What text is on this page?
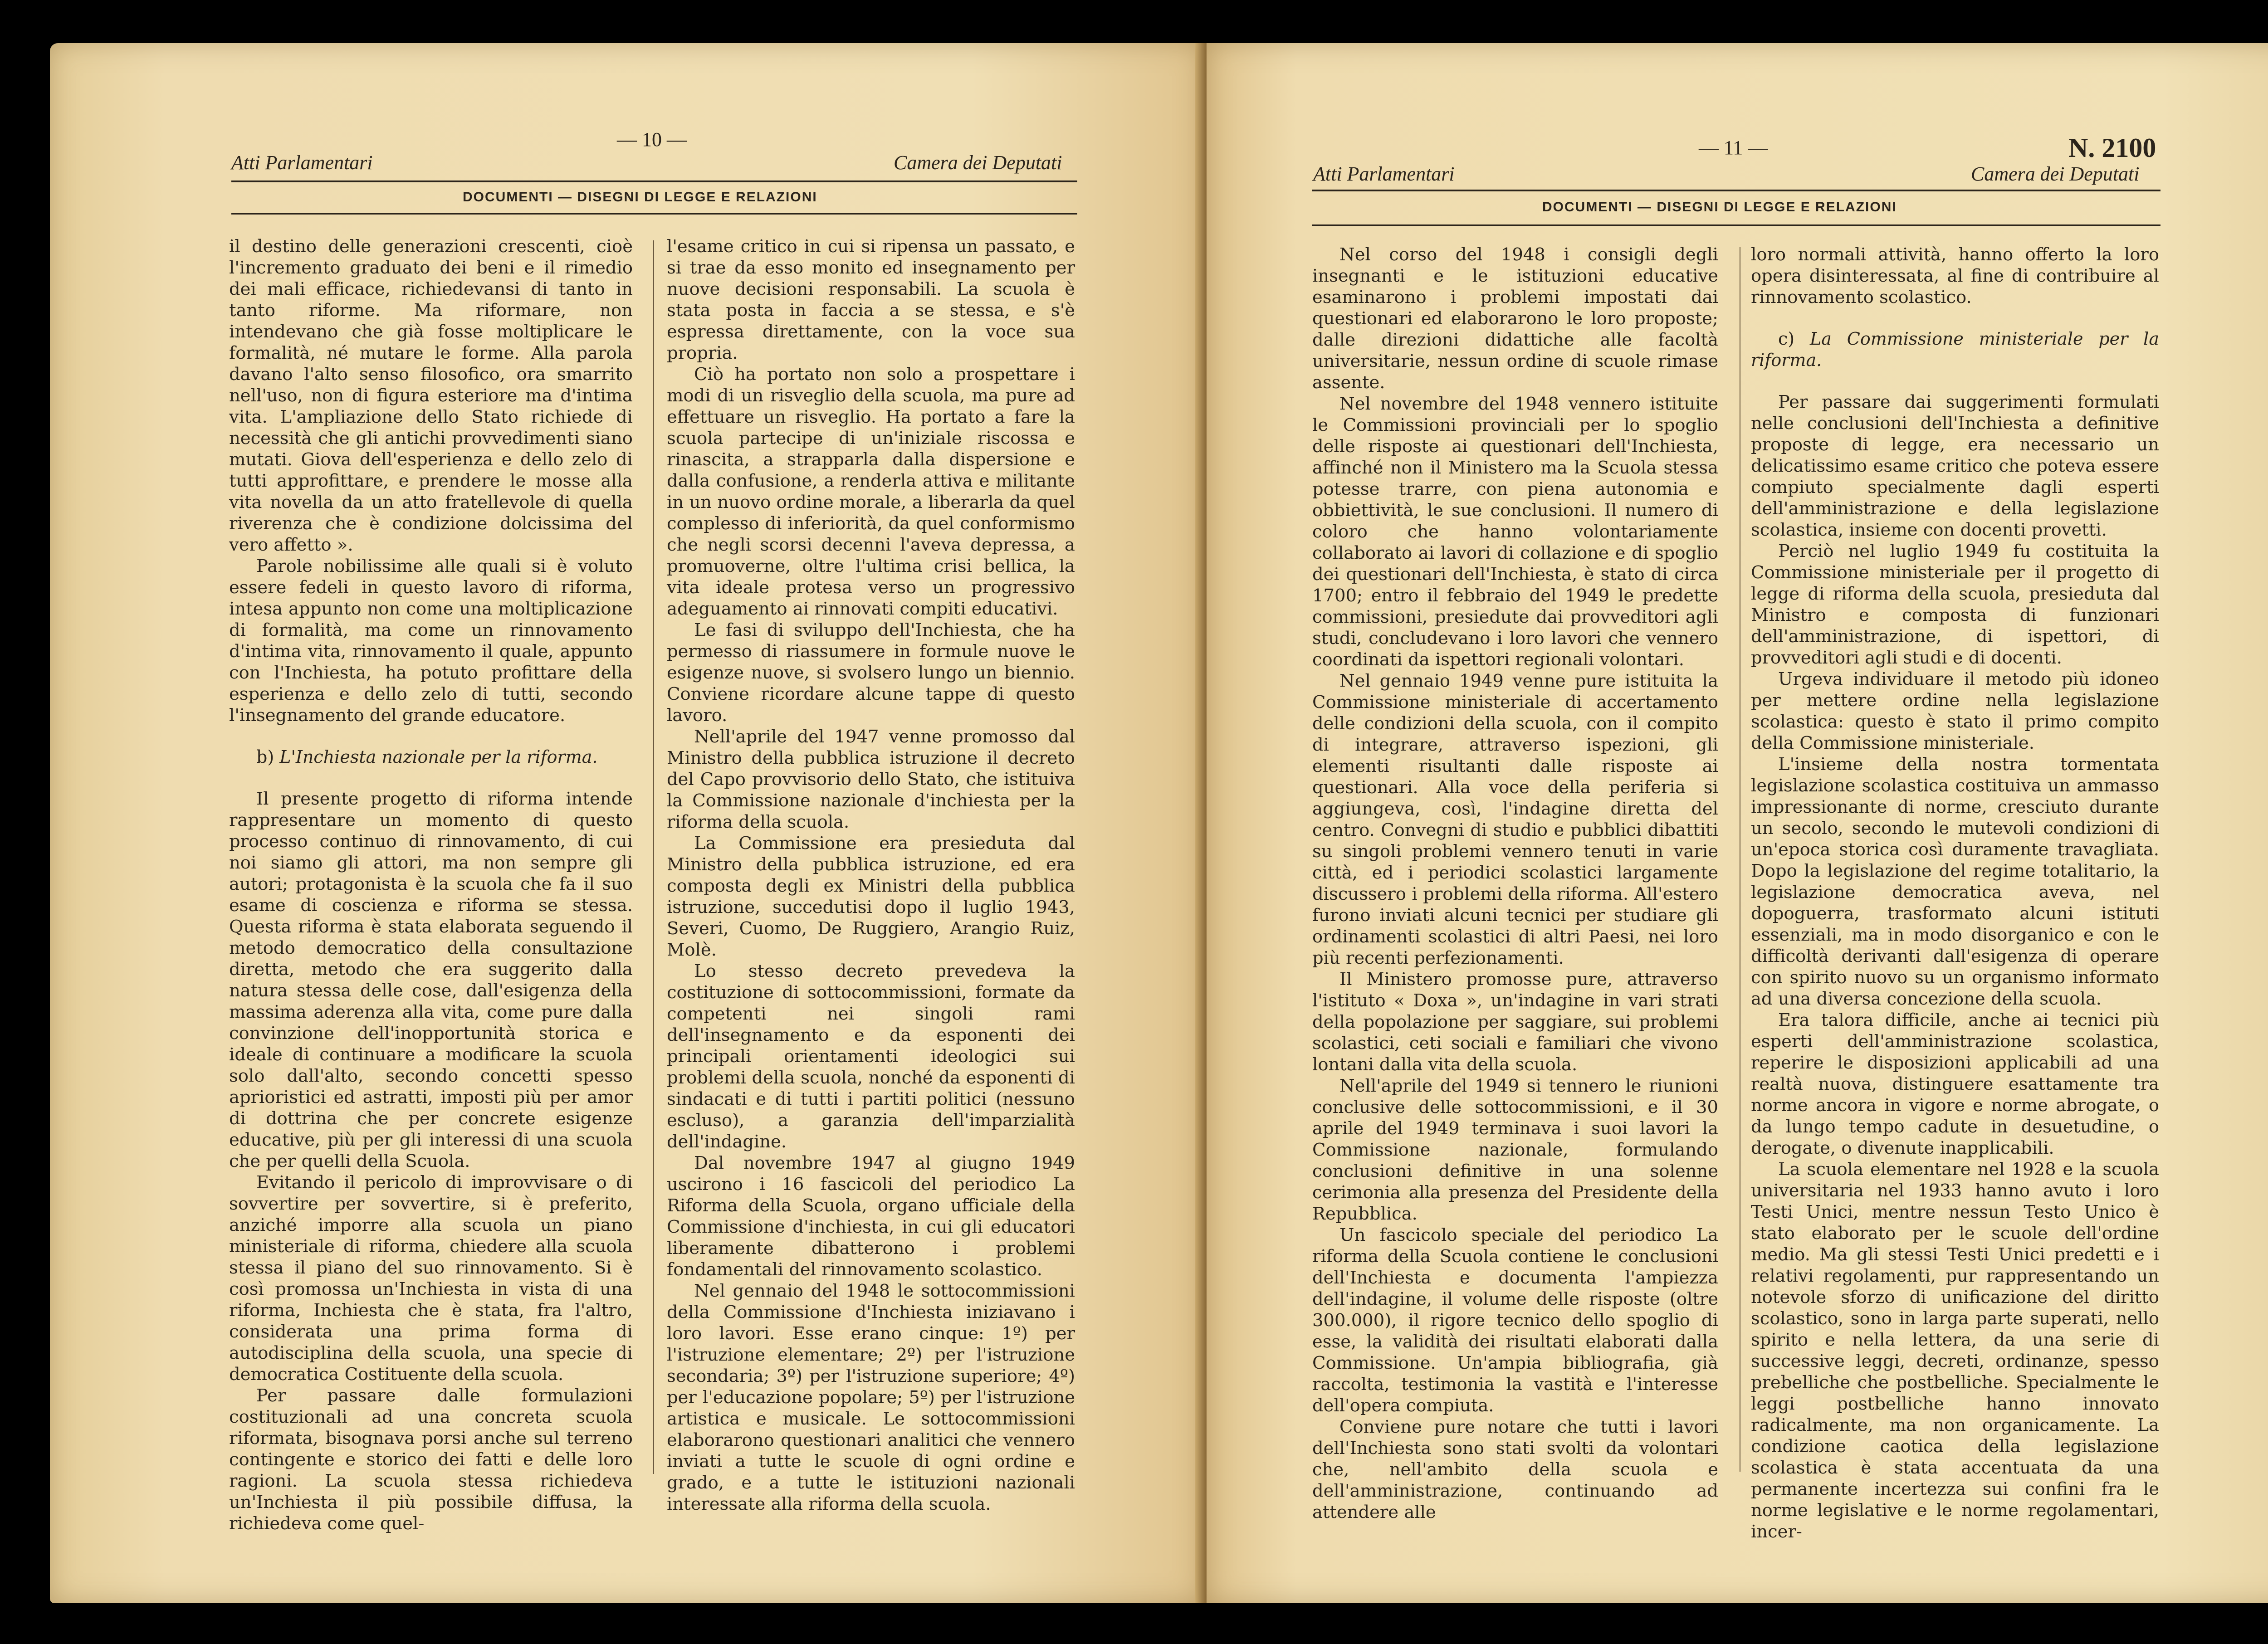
— 10 —
Atti Parlamentari	Camera dei Deputati
DOCUMENTI — DISEGNI DI LEGGE E RELAZIONI

il destino delle generazioni crescenti, cioè l'incremento graduato dei beni e il rimedio dei mali efficace, richiedevansi di tanto in tanto riforme. Ma riformare, non intendevano che già fosse moltiplicare le formalità, né mutare le forme. Alla parola davano l'alto senso filosofico, ora smarrito nell'uso, non di figura esteriore ma d'intima vita. L'ampliazione dello Stato richiede di necessità che gli antichi provvedimenti siano mutati. Giova dell'esperienza e dello zelo di tutti approfittare, e prendere le mosse alla vita novella da un atto fratellevole di quella riverenza che è condizione dolcissima del vero affetto ».

Parole nobilissime alle quali si è voluto essere fedeli in questo lavoro di riforma, intesa appunto non come una moltiplicazione di formalità, ma come un rinnovamento d'intima vita, rinnovamento il quale, appunto con l'Inchiesta, ha potuto profittare della esperienza e dello zelo di tutti, secondo l'insegnamento del grande educatore.

b) L'Inchiesta nazionale per la riforma.

Il presente progetto di riforma intende rappresentare un momento di questo processo continuo di rinnovamento, di cui noi siamo gli attori, ma non sempre gli autori; protagonista è la scuola che fa il suo esame di coscienza e riforma se stessa. Questa riforma è stata elaborata seguendo il metodo democratico della consultazione diretta, metodo che era suggerito dalla natura stessa delle cose, dall'esigenza della massima aderenza alla vita, come pure dalla convinzione dell'inopportunità storica e ideale di continuare a modificare la scuola solo dall'alto, secondo concetti spesso aprioristici ed astratti, imposti più per amor di dottrina che per concrete esigenze educative, più per gli interessi di una scuola che per quelli della Scuola.

Evitando il pericolo di improvvisare o di sovvertire per sovvertire, si è preferito, anziché imporre alla scuola un piano ministeriale di riforma, chiedere alla scuola stessa il piano del suo rinnovamento. Si è così promossa un'Inchiesta in vista di una riforma, Inchiesta che è stata, fra l'altro, considerata una prima forma di autodisciplina della scuola, una specie di democratica Costituente della scuola.

Per passare dalle formulazioni costituzionali ad una concreta scuola riformata, bisognava porsi anche sul terreno contingente e storico dei fatti e delle loro ragioni. La scuola stessa richiedeva un'Inchiesta il più possibile diffusa, la richiedeva come quel-

l'esame critico in cui si ripensa un passato, e si trae da esso monito ed insegnamento per nuove decisioni responsabili. La scuola è stata posta in faccia a se stessa, e s'è espressa direttamente, con la voce sua propria.

Ciò ha portato non solo a prospettare i modi di un risveglio della scuola, ma pure ad effettuare un risveglio. Ha portato a fare la scuola partecipe di un'iniziale riscossa e rinascita, a strapparla dalla dispersione e dalla confusione, a renderla attiva e militante in un nuovo ordine morale, a liberarla da quel complesso di inferiorità, da quel conformismo che negli scorsi decenni l'aveva depressa, a promuoverne, oltre l'ultima crisi bellica, la vita ideale protesa verso un progressivo adeguamento ai rinnovati compiti educativi.

Le fasi di sviluppo dell'Inchiesta, che ha permesso di riassumere in formule nuove le esigenze nuove, si svolsero lungo un biennio. Conviene ricordare alcune tappe di questo lavoro.

Nell'aprile del 1947 venne promosso dal Ministro della pubblica istruzione il decreto del Capo provvisorio dello Stato, che istituiva la Commissione nazionale d'inchiesta per la riforma della scuola.

La Commissione era presieduta dal Ministro della pubblica istruzione, ed era composta degli ex Ministri della pubblica istruzione, succedutisi dopo il luglio 1943, Severi, Cuomo, De Ruggiero, Arangio Ruiz, Molè.

Lo stesso decreto prevedeva la costituzione di sottocommissioni, formate da competenti nei singoli rami dell'insegnamento e da esponenti dei principali orientamenti ideologici sui problemi della scuola, nonché da esponenti di sindacati e di tutti i partiti politici (nessuno escluso), a garanzia dell'imparzialità dell'indagine.

Dal novembre 1947 al giugno 1949 uscirono i 16 fascicoli del periodico La Riforma della Scuola, organo ufficiale della Commissione d'inchiesta, in cui gli educatori liberamente dibatterono i problemi fondamentali del rinnovamento scolastico.

Nel gennaio del 1948 le sottocommissioni della Commissione d'Inchiesta iniziavano i loro lavori. Esse erano cinque: 1º) per l'istruzione elementare; 2º) per l'istruzione secondaria; 3º) per l'istruzione superiore; 4º) per l'educazione popolare; 5º) per l'istruzione artistica e musicale. Le sottocommissioni elaborarono questionari analitici che vennero inviati a tutte le scuole di ogni ordine e grado, e a tutte le istituzioni nazionali interessate alla riforma della scuola.

— 11 —	N. 2100
Atti Parlamentari	Camera dei Deputati
DOCUMENTI — DISEGNI DI LEGGE E RELAZIONI

Nel corso del 1948 i consigli degli insegnanti e le istituzioni educative esaminarono i problemi impostati dai questionari ed elaborarono le loro proposte; dalle direzioni didattiche alle facoltà universitarie, nessun ordine di scuole rimase assente.

Nel novembre del 1948 vennero istituite le Commissioni provinciali per lo spoglio delle risposte ai questionari dell'Inchiesta, affinché non il Ministero ma la Scuola stessa potesse trarre, con piena autonomia e obbiettività, le sue conclusioni. Il numero di coloro che hanno volontariamente collaborato ai lavori di collazione e di spoglio dei questionari dell'Inchiesta, è stato di circa 1700; entro il febbraio del 1949 le predette commissioni, presiedute dai provveditori agli studi, concludevano i loro lavori che vennero coordinati da ispettori regionali volontari.

Nel gennaio 1949 venne pure istituita la Commissione ministeriale di accertamento delle condizioni della scuola, con il compito di integrare, attraverso ispezioni, gli elementi risultanti dalle risposte ai questionari. Alla voce della periferia si aggiungeva, così, l'indagine diretta del centro. Convegni di studio e pubblici dibattiti su singoli problemi vennero tenuti in varie città, ed i periodici scolastici largamente discussero i problemi della riforma. All'estero furono inviati alcuni tecnici per studiare gli ordinamenti scolastici di altri Paesi, nei loro più recenti perfezionamenti.

Il Ministero promosse pure, attraverso l'istituto « Doxa », un'indagine in vari strati della popolazione per saggiare, sui problemi scolastici, ceti sociali e familiari che vivono lontani dalla vita della scuola.

Nell'aprile del 1949 si tennero le riunioni conclusive delle sottocommissioni, e il 30 aprile del 1949 terminava i suoi lavori la Commissione nazionale, formulando conclusioni definitive in una solenne cerimonia alla presenza del Presidente della Repubblica.

Un fascicolo speciale del periodico La riforma della Scuola contiene le conclusioni dell'Inchiesta e documenta l'ampiezza dell'indagine, il volume delle risposte (oltre 300.000), il rigore tecnico dello spoglio di esse, la validità dei risultati elaborati dalla Commissione. Un'ampia bibliografia, già raccolta, testimonia la vastità e l'interesse dell'opera compiuta.

Conviene pure notare che tutti i lavori dell'Inchiesta sono stati svolti da volontari che, nell'ambito della scuola e dell'amministrazione, continuando ad attendere alle

loro normali attività, hanno offerto la loro opera disinteressata, al fine di contribuire al rinnovamento scolastico.

c) La Commissione ministeriale per la riforma.

Per passare dai suggerimenti formulati nelle conclusioni dell'Inchiesta a definitive proposte di legge, era necessario un delicatissimo esame critico che poteva essere compiuto specialmente dagli esperti dell'amministrazione e della legislazione scolastica, insieme con docenti provetti.

Perciò nel luglio 1949 fu costituita la Commissione ministeriale per il progetto di legge di riforma della scuola, presieduta dal Ministro e composta di funzionari dell'amministrazione, di ispettori, di provveditori agli studi e di docenti.

Urgeva individuare il metodo più idoneo per mettere ordine nella legislazione scolastica: questo è stato il primo compito della Commissione ministeriale.

L'insieme della nostra tormentata legislazione scolastica costituiva un ammasso impressionante di norme, cresciuto durante un secolo, secondo le mutevoli condizioni di un'epoca storica così duramente travagliata. Dopo la legislazione del regime totalitario, la legislazione democratica aveva, nel dopoguerra, trasformato alcuni istituti essenziali, ma in modo disorganico e con le difficoltà derivanti dall'esigenza di operare con spirito nuovo su un organismo informato ad una diversa concezione della scuola.

Era talora difficile, anche ai tecnici più esperti dell'amministrazione scolastica, reperire le disposizioni applicabili ad una realtà nuova, distinguere esattamente tra norme ancora in vigore e norme abrogate, o da lungo tempo cadute in desuetudine, o derogate, o divenute inapplicabili.

La scuola elementare nel 1928 e la scuola universitaria nel 1933 hanno avuto i loro Testi Unici, mentre nessun Testo Unico è stato elaborato per le scuole dell'ordine medio. Ma gli stessi Testi Unici predetti e i relativi regolamenti, pur rappresentando un notevole sforzo di unificazione del diritto scolastico, sono in larga parte superati, nello spirito e nella lettera, da una serie di successive leggi, decreti, ordinanze, spesso prebelliche che postbelliche. Specialmente le leggi postbelliche hanno innovato radicalmente, ma non organicamente. La condizione caotica della legislazione scolastica è stata accentuata da una permanente incertezza sui confini fra le norme legislative e le norme regolamentari, incer-
